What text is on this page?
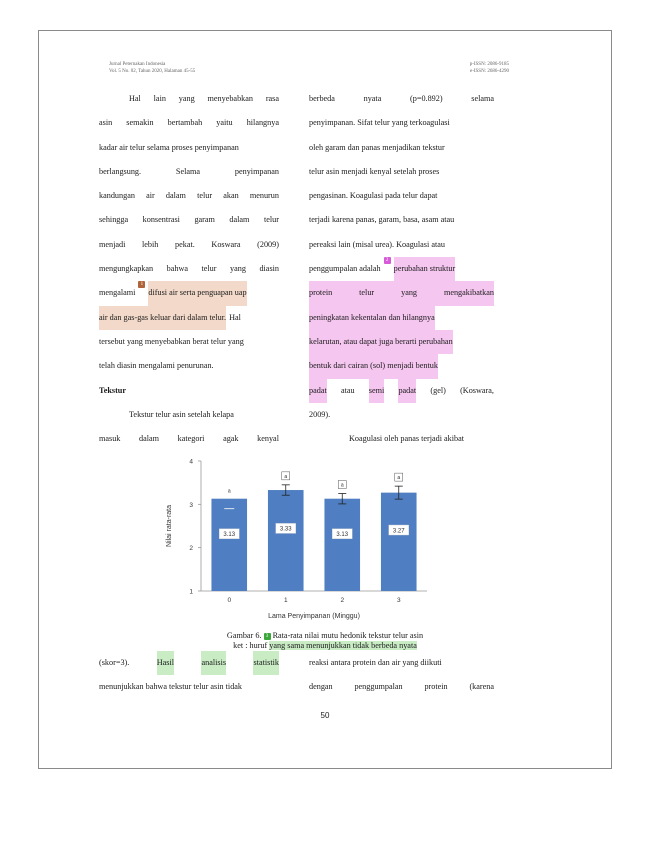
Jurnal Peternakan Indonesia
Vol. 5 No. 02, Tahun 2020, Halaman 45-55
p-ISSN: 2086-9185
e-ISSN: 2686-4290
Hal lain yang menyebabkan rasa
asin semakin bertambah yaitu hilangnya
kadar air telur selama proses penyimpanan
berlangsung.	Selama	penyimpanan
kandungan air dalam telur akan menurun
sehingga konsentrasi garam dalam telur
menjadi lebih pekat. Koswara (2009)
mengungkapkan bahwa telur yang diasin
mengalami
1
difusi air serta penguapan uap
air dan gas-gas keluar dari dalam telur. Hal
tersebut yang menyebabkan berat telur yang
telah diasin mengalami penurunan.
Tekstur
Tekstur telur asin setelah kelapa
masuk dalam kategori agak kenyal
berbeda	nyata	(p=0.892)	selama
penyimpanan. Sifat telur yang terkoagulasi
oleh garam dan panas menjadikan tekstur
telur asin menjadi kenyal setelah proses
pengasinan. Koagulasi pada telur dapat
terjadi karena panas, garam, basa, asam atau
pereaksi lain (misal urea). Koagulasi atau
penggumpalan adalah
2
perubahan struktur
protein	telur	yang	mengakibatkan
peningkatan kekentalan dan hilangnya
kelarutan, atau dapat juga berarti perubahan
bentuk dari cairan (sol) menjadi bentuk
padat atau semi padat (gel) (Koswara,
2009).
Koagulasi oleh panas terjadi akibat
1
2
3
4
Nilai rata-rata
a
3.13
0
a
3.33
1
a
3.13
2
a
3.27
3
Lama Penyimpanan (Minggu)
Gambar 6. 3 Rata-rata nilai mutu hedonik tekstur telur asin
ket : huruf yang sama menunjukkan tidak berbeda nyata
(skor=3).	Hasil	analisis	statistik
menunjukkan bahwa tekstur telur asin tidak
reaksi antara protein dan air yang diikuti
dengan	penggumpalan	protein	(karena
50
